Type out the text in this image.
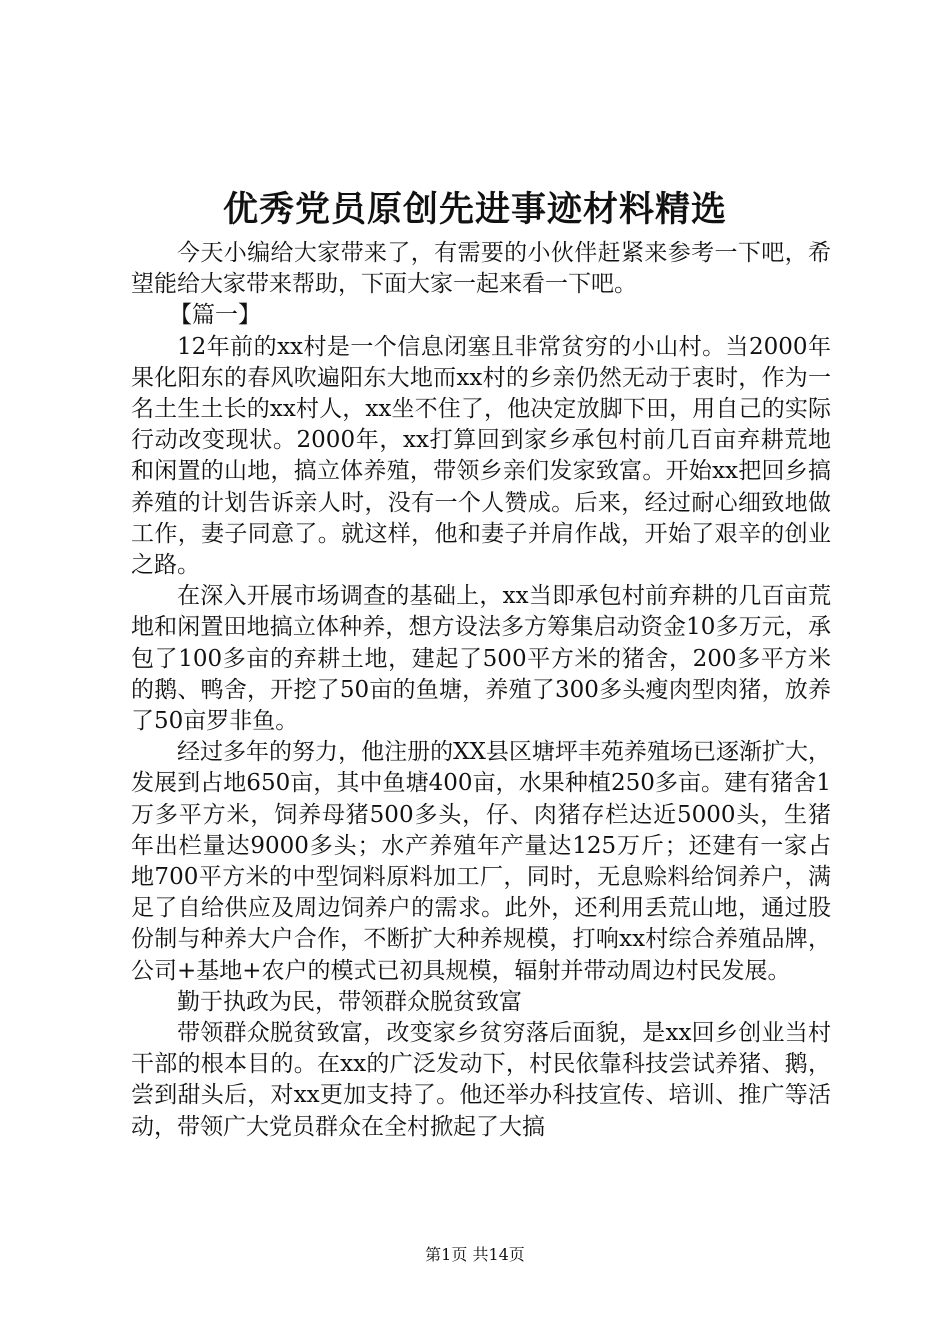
优秀党员原创先进事迹材料精选

今天小编给大家带来了，有需要的小伙伴赶紧来参考一下吧，希望能给大家带来帮助，下面大家一起来看一下吧。

【篇一】

12年前的xx村是一个信息闭塞且非常贫穷的小山村。当2000年果化阳东的春风吹遍阳东大地而xx村的乡亲仍然无动于衷时，作为一名土生土长的xx村人，xx坐不住了，他决定放脚下田，用自己的实际行动改变现状。2000年，xx打算回到家乡承包村前几百亩弃耕荒地和闲置的山地，搞立体养殖，带领乡亲们发家致富。开始xx把回乡搞养殖的计划告诉亲人时，没有一个人赞成。后来，经过耐心细致地做工作，妻子同意了。就这样，他和妻子并肩作战，开始了艰辛的创业之路。

在深入开展市场调查的基础上，xx当即承包村前弃耕的几百亩荒地和闲置田地搞立体种养，想方设法多方筹集启动资金10多万元，承包了100多亩的弃耕土地，建起了500平方米的猪舍，200多平方米的鹅、鸭舍，开挖了50亩的鱼塘，养殖了300多头瘦肉型肉猪，放养了50亩罗非鱼。

经过多年的努力，他注册的XX县区塘坪丰苑养殖场已逐渐扩大，发展到占地650亩，其中鱼塘400亩，水果种植250多亩。建有猪舍1万多平方米，饲养母猪500多头，仔、肉猪存栏达近5000头，生猪年出栏量达9000多头；水产养殖年产量达125万斤；还建有一家占地700平方米的中型饲料原料加工厂，同时，无息赊料给饲养户，满足了自给供应及周边饲养户的需求。此外，还利用丢荒山地，通过股份制与种养大户合作，不断扩大种养规模，打响xx村综合养殖品牌，公司+基地+农户的模式已初具规模，辐射并带动周边村民发展。

勤于执政为民，带领群众脱贫致富

带领群众脱贫致富，改变家乡贫穷落后面貌，是xx回乡创业当村干部的根本目的。在xx的广泛发动下，村民依靠科技尝试养猪、鹅，尝到甜头后，对xx更加支持了。他还举办科技宣传、培训、推广等活动，带领广大党员群众在全村掀起了大搞

第1页 共14页
